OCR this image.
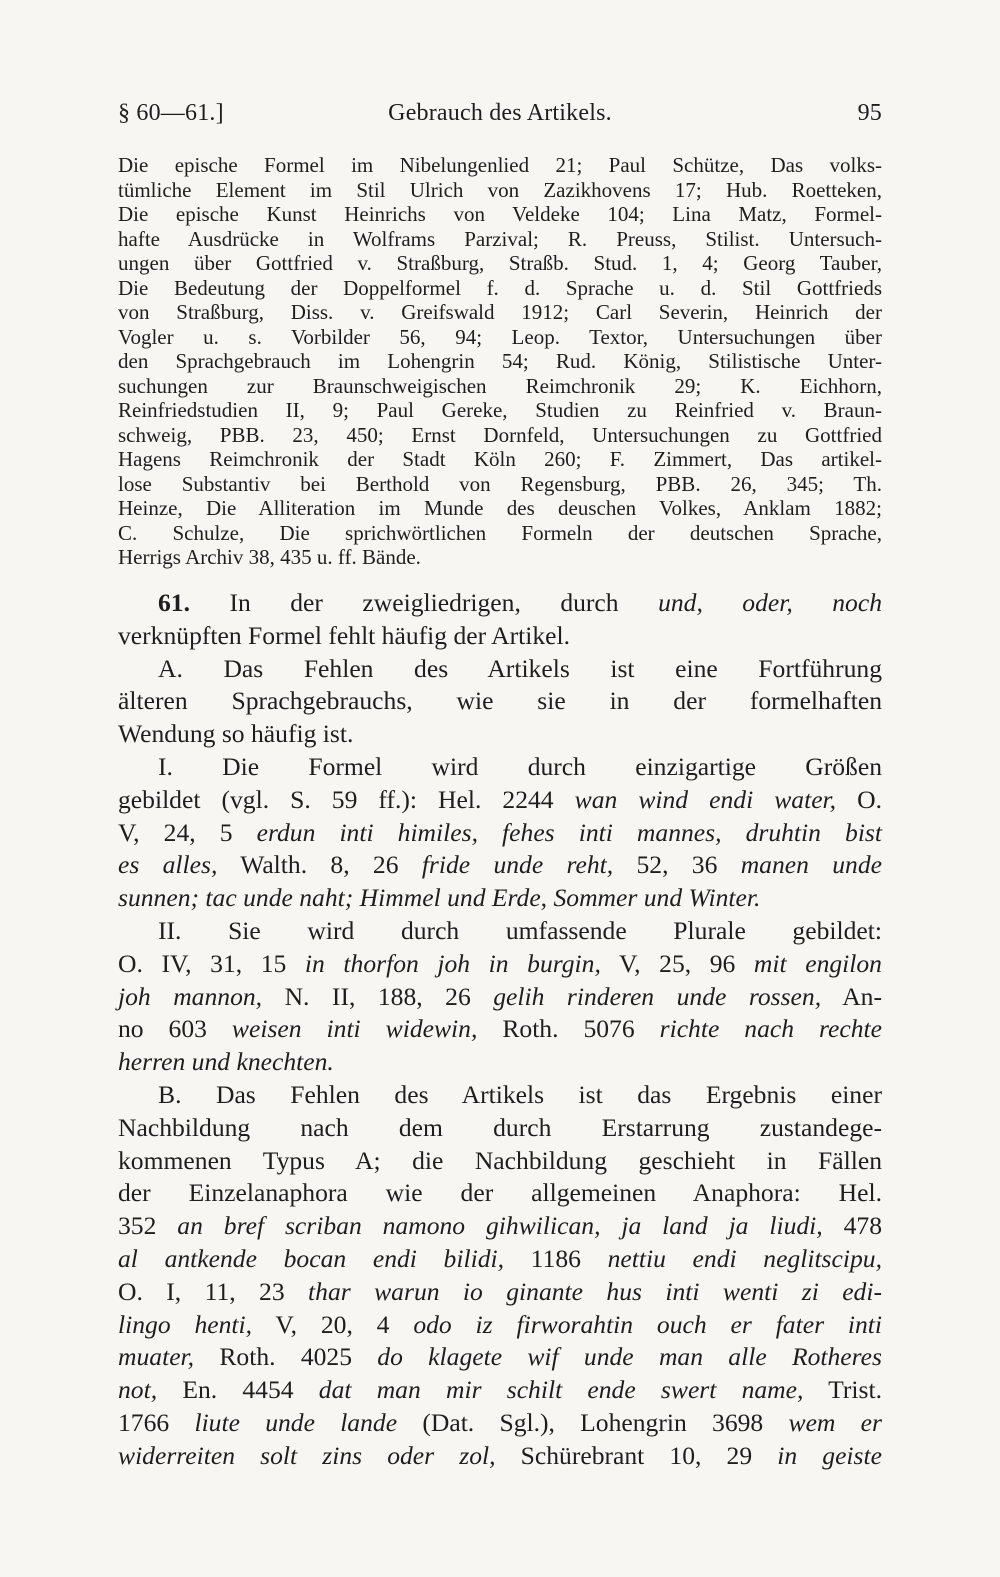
§ 60—61.]	Gebrauch des Artikels.	95
Die epische Formel im Nibelungenlied 21; Paul Schütze, Das volks-
tümliche Element im Stil Ulrich von Zazikhovens 17; Hub. Roetteken,
Die epische Kunst Heinrichs von Veldeke 104; Lina Matz, Formel-
hafte Ausdrücke in Wolframs Parzival; R. Preuss, Stilist. Untersuch-
ungen über Gottfried v. Straßburg, Straßb. Stud. 1, 4; Georg Tauber,
Die Bedeutung der Doppelformel f. d. Sprache u. d. Stil Gottfrieds
von Straßburg, Diss. v. Greifswald 1912; Carl Severin, Heinrich der
Vogler u. s. Vorbilder 56, 94; Leop. Textor, Untersuchungen über
den Sprachgebrauch im Lohengrin 54; Rud. König, Stilistische Unter-
suchungen zur Braunschweigischen Reimchronik 29; K. Eichhorn,
Reinfriedstudien II, 9; Paul Gereke, Studien zu Reinfried v. Braun-
schweig, PBB. 23, 450; Ernst Dornfeld, Untersuchungen zu Gottfried
Hagens Reimchronik der Stadt Köln 260; F. Zimmert, Das artikel-
lose Substantiv bei Berthold von Regensburg, PBB. 26, 345; Th.
Heinze, Die Alliteration im Munde des deuschen Volkes, Anklam 1882;
C. Schulze, Die sprichwörtlichen Formeln der deutschen Sprache,
Herrigs Archiv 38, 435 u. ff. Bände.
61. In der zweigliedrigen, durch und, oder, noch
verknüpften Formel fehlt häufig der Artikel.
A. Das Fehlen des Artikels ist eine Fortführung
älteren Sprachgebrauchs, wie sie in der formelhaften
Wendung so häufig ist.
I. Die Formel wird durch einzigartige Größen
gebildet (vgl. S. 59 ff.): Hel. 2244 wan wind endi water, O.
V, 24, 5 erdun inti himiles, fehes inti mannes, druhtin bist
es alles, Walth. 8, 26 fride unde reht, 52, 36 manen unde
sunnen; tac unde naht; Himmel und Erde, Sommer und Winter.
II. Sie wird durch umfassende Plurale gebildet:
O. IV, 31, 15 in thorfon joh in burgin, V, 25, 96 mit engilon
joh mannon, N. II, 188, 26 gelih rinderen unde rossen, An-
no 603 weisen inti widewin, Roth. 5076 richte nach rechte
herren und knechten.
B. Das Fehlen des Artikels ist das Ergebnis einer
Nachbildung nach dem durch Erstarrung zustandege-
kommenen Typus A; die Nachbildung geschieht in Fällen
der Einzelanaphora wie der allgemeinen Anaphora: Hel.
352 an bref scriban namono gihwilican, ja land ja liudi, 478
al antkende bocan endi bilidi, 1186 nettiu endi neglitscipu,
O. I, 11, 23 thar warun io ginante hus inti wenti zi edi-
lingo henti, V, 20, 4 odo iz firworahtin ouch er fater inti
muater, Roth. 4025 do klagete wif unde man alle Rotheres
not, En. 4454 dat man mir schilt ende swert name, Trist.
1766 liute unde lande (Dat. Sgl.), Lohengrin 3698 wem er
widerreiten solt zins oder zol, Schürebrant 10, 29 in geiste
